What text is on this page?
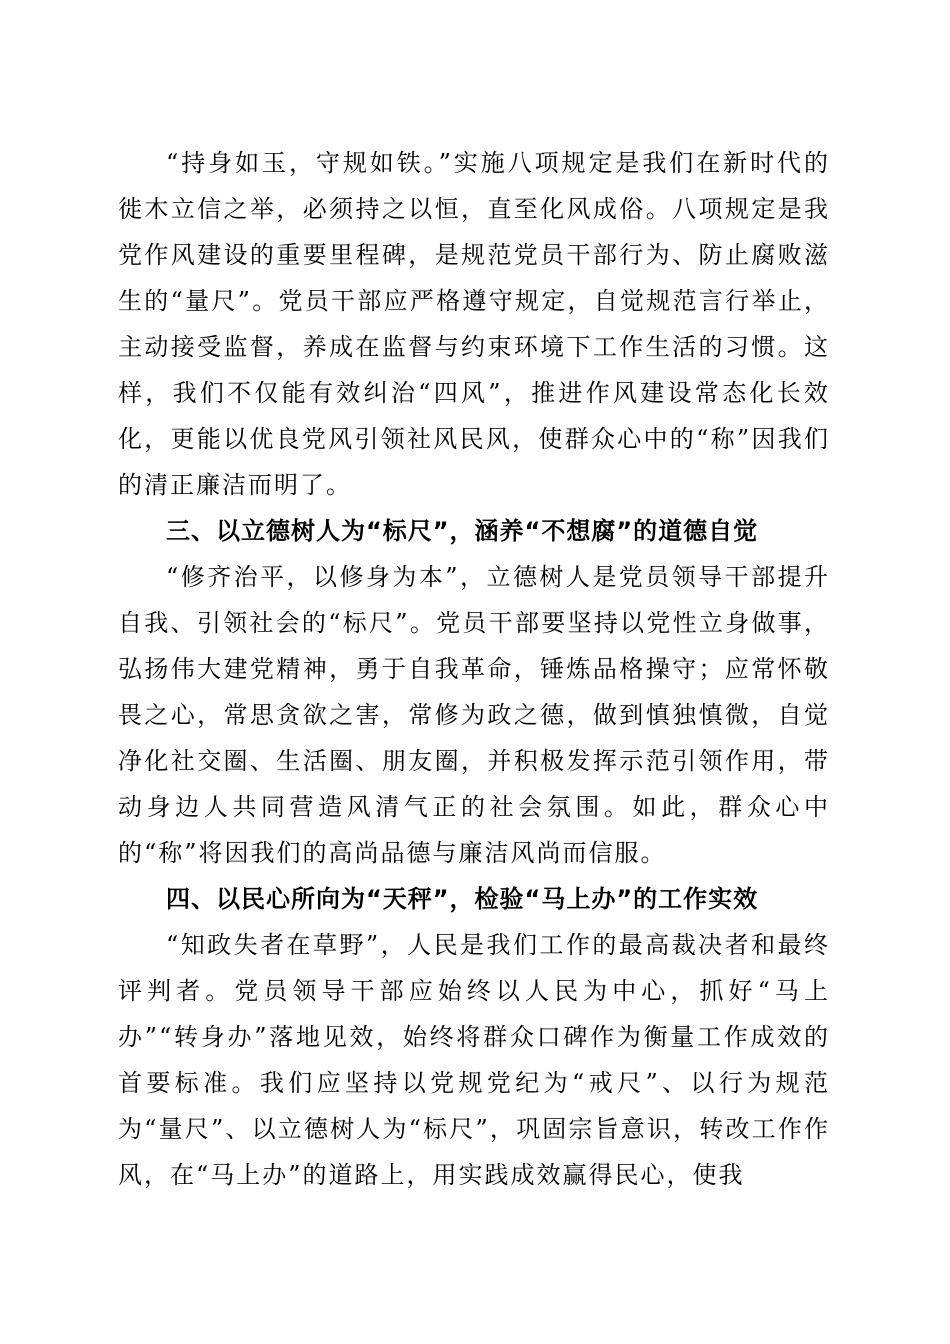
“持身如玉，守规如铁。”实施八项规定是我们在新时代的徙木立信之举，必须持之以恒，直至化风成俗。八项规定是我党作风建设的重要里程碑，是规范党员干部行为、防止腐败滋生的“量尺”。党员干部应严格遵守规定，自觉规范言行举止，主动接受监督，养成在监督与约束环境下工作生活的习惯。这样，我们不仅能有效纠治“四风”，推进作风建设常态化长效化，更能以优良党风引领社风民风，使群众心中的“称”因我们的清正廉洁而明了。

三、以立德树人为“标尺”，涵养“不想腐”的道德自觉

“修齐治平，以修身为本”，立德树人是党员领导干部提升自我、引领社会的“标尺”。党员干部要坚持以党性立身做事，弘扬伟大建党精神，勇于自我革命，锤炼品格操守；应常怀敬畏之心，常思贪欲之害，常修为政之德，做到慎独慎微，自觉净化社交圈、生活圈、朋友圈，并积极发挥示范引领作用，带动身边人共同营造风清气正的社会氛围。如此，群众心中的“称”将因我们的高尚品德与廉洁风尚而信服。

四、以民心所向为“天秤”，检验“马上办”的工作实效

“知政失者在草野”，人民是我们工作的最高裁决者和最终评判者。党员领导干部应始终以人民为中心，抓好“马上办”“转身办”落地见效，始终将群众口碑作为衡量工作成效的首要标准。我们应坚持以党规党纪为“戒尺”、以行为规范为“量尺”、以立德树人为“标尺”，巩固宗旨意识，转改工作作风，在“马上办”的道路上，用实践成效赢得民心，使我
